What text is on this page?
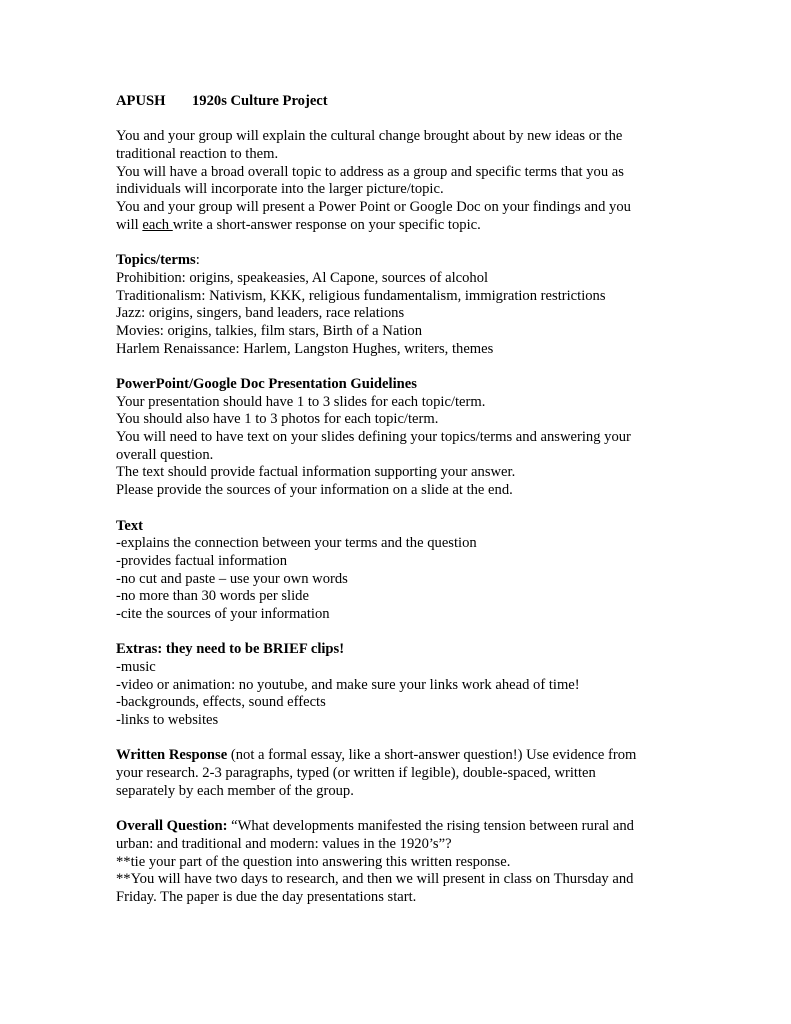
APUSH 1920s Culture Project
You and your group will explain the cultural change brought about by new ideas or the
traditional reaction to them.
You will have a broad overall topic to address as a group and specific terms that you as
individuals will incorporate into the larger picture/topic.
You and your group will present a Power Point or Google Doc on your findings and you
will each write a short-answer response on your specific topic.
Topics/terms:
Prohibition: origins, speakeasies, Al Capone, sources of alcohol
Traditionalism: Nativism, KKK, religious fundamentalism, immigration restrictions
Jazz: origins, singers, band leaders, race relations
Movies: origins, talkies, film stars, Birth of a Nation
Harlem Renaissance: Harlem, Langston Hughes, writers, themes
PowerPoint/Google Doc Presentation Guidelines
Your presentation should have 1 to 3 slides for each topic/term.
You should also have 1 to 3 photos for each topic/term.
You will need to have text on your slides defining your topics/terms and answering your
overall question.
The text should provide factual information supporting your answer.
Please provide the sources of your information on a slide at the end.
Text
-explains the connection between your terms and the question
-provides factual information
-no cut and paste – use your own words
-no more than 30 words per slide
-cite the sources of your information
Extras: they need to be BRIEF clips!
-music
-video or animation: no youtube, and make sure your links work ahead of time!
-backgrounds, effects, sound effects
-links to websites
Written Response (not a formal essay, like a short-answer question!) Use evidence from
your research. 2-3 paragraphs, typed (or written if legible), double-spaced, written
separately by each member of the group.
Overall Question: “What developments manifested the rising tension between rural and
urban: and traditional and modern: values in the 1920’s”?
**tie your part of the question into answering this written response.
**You will have two days to research, and then we will present in class on Thursday and
Friday. The paper is due the day presentations start.
